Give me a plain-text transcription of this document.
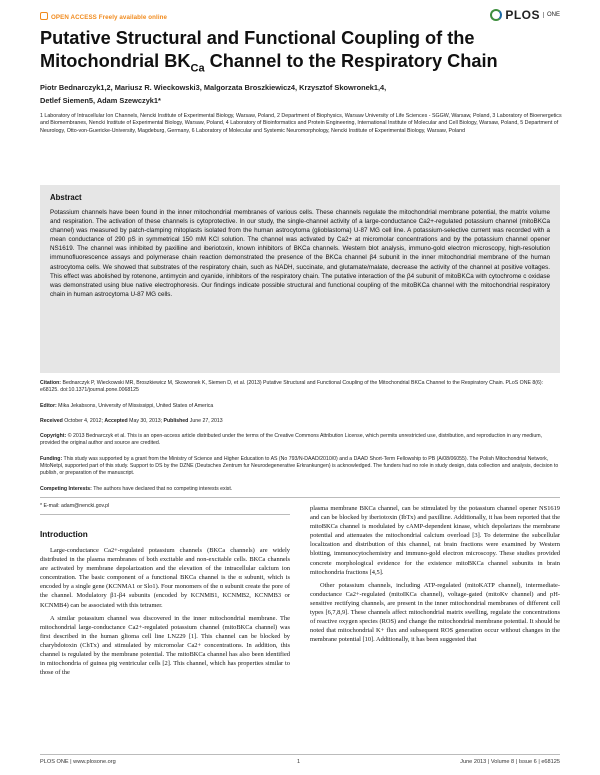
OPEN ACCESS Freely available online	PLOS	ONE
Putative Structural and Functional Coupling of the
Mitochondrial $BK_{Ca}$ Channel to the Respiratory Chain
Piotr Bednarczyk1,2, Mariusz R. Wieckowski3, Malgorzata Broszkiewicz4, Krzysztof Skowronek1,4,
Detlef Siemen5, Adam Szewczyk1*
1 Laboratory of Intracellular Ion Channels, Nencki Institute of Experimental Biology, Warsaw, Poland, 2 Department of Biophysics, Warsaw University of Life Sciences - SGGW, Warsaw, Poland, 3 Laboratory of Bioenergetics and Biomembranes, Nencki Institute of Experimental Biology, Warsaw, Poland, 4 Laboratory of Bioinformatics and Protein Engineering, International Institute of Molecular and Cell Biology, Warsaw, Poland, 5 Department of Neurology, Otto-von-Guericke-University, Magdeburg, Germany, 6 Laboratory of Molecular and Systemic Neuromorphology, Nencki Institute of Experimental Biology, Warsaw, Poland
Abstract
Potassium channels have been found in the inner mitochondrial membranes of various cells. These channels regulate the mitochondrial membrane potential, the matrix volume and respiration. The activation of these channels is cytoprotective. In our study, the single-channel activity of a large-conductance Ca2+-regulated potassium channel (mitoBKCa channel) was measured by patch-clamping mitoplasts isolated from the human astrocytoma (glioblastoma) U-87 MG cell line. A potassium-selective current was recorded with a mean conductance of 290 pS in symmetrical 150 mM KCl solution. The channel was activated by Ca2+ at micromolar concentrations and by the potassium channel opener NS1619. The channel was inhibited by paxilline and iberiotoxin, known inhibitors of BKCa channels. Western blot analysis, immuno-gold electron microscopy, high-resolution immunofluorescence assays and polymerase chain reaction demonstrated the presence of the BKCa channel β4 subunit in the inner mitochondrial membrane of the human astrocytoma cells. We showed that substrates of the respiratory chain, such as NADH, succinate, and glutamate/malate, decrease the activity of the channel at positive voltages. This effect was abolished by rotenone, antimycin and cyanide, inhibitors of the respiratory chain. The putative interaction of the β4 subunit of mitoBKCa with cytochrome c oxidase was demonstrated using blue native electrophoresis. Our findings indicate possible structural and functional coupling of the mitoBKCa channel with the mitochondrial respiratory chain in human astrocytoma U-87 MG cells.
Citation: Bednarczyk P, Wieckowski MR, Broszkiewicz M, Skowronek K, Siemen D, et al. (2013) Putative Structural and Functional Coupling of the Mitochondrial BKCa Channel to the Respiratory Chain. PLoS ONE 8(6): e68125. doi:10.1371/journal.pone.0068125
Editor: Mika Jekabsons, University of Mississippi, United States of America
Received October 4, 2012; Accepted May 30, 2013; Published June 27, 2013
Copyright: © 2013 Bednarczyk et al. This is an open-access article distributed under the terms of the Creative Commons Attribution License, which permits unrestricted use, distribution, and reproduction in any medium, provided the original author and source are credited.
Funding: This study was supported by a grant from the Ministry of Science and Higher Education to AS (No 793/N-DAAD/2010/0) and a DAAD Short-Term Fellowship to PB (A/08/06055). The Polish Mitochondrial Network, MitoNetpl, supported part of this study. Support to DS by the DZNE (Deutsches Zentrum fur Neurodegenerative Erkrankungen) is acknowledged. The funders had no role in study design, data collection and analysis, decision to publish, or preparation of the manuscript.
Competing Interests: The authors have declared that no competing interests exist.
* E-mail: adam@nencki.gov.pl
Introduction

Large-conductance Ca2+-regulated potassium channels (BKCa channels) are widely distributed in the plasma membranes of both excitable and non-excitable cells. BKCa channels are activated by membrane depolarization and the elevation of the intracellular calcium ion concentration. The basic component of a functional BKCa channel is the α subunit, which is encoded by a single gene (KCNMA1 or Slo1). Four monomers of the α subunit create the pore of the channel. Modulatory β1-β4 subunits (encoded by KCNMB1, KCNMB2, KCNMB3 or KCNMB4) can be associated with this tetramer.

A similar potassium channel was discovered in the inner mitochondrial membrane. The mitochondrial large-conductance Ca2+-regulated potassium channel (mitoBKCa channel) was first described in the human glioma cell line LN229 [1]. This channel can be blocked by charybdotoxin (ChTx) and stimulated by micromolar Ca2+ concentrations. In addition, this channel is regulated by the membrane potential. The mitoBKCa channel has also been identified in mitochondria of guinea pig ventricular cells [2]. This channel, which has properties similar to those of the

plasma membrane BKCa channel, can be stimulated by the potassium channel opener NS1619 and can be blocked by iberiotoxin (IbTx) and paxilline. Additionally, it has been reported that the mitoBKCa channel is modulated by cAMP-dependent kinase, which depolarizes the membrane potential and attenuates the mitochondrial calcium overload [3]. To determine the subcellular localization and distribution of this channel, rat brain fractions were examined by Western blotting, immunocytochemistry and immuno-gold electron microscopy. These studies provided concrete morphological evidence for the existence mitoBKCa channel subunits in brain mitochondria fractions [4,5].

Other potassium channels, including ATP-regulated (mitoKATP channel), intermediate-conductance Ca2+-regulated (mitoIKCa channel), voltage-gated (mitoKv channel) and pH-sensitive rectifying channels, are present in the inner mitochondrial membranes of different cell types [6,7,8,9]. These channels affect mitochondrial matrix swelling, regulate the concentrations of reactive oxygen species (ROS) and change the mitochondrial membrane potential. It should be noted that mitochondrial K+ flux and subsequent ROS generation occur without changes in the membrane potential [10]. Additionally, it has been suggested that

PLOS ONE | www.plosone.org	1	June 2013 | Volume 8 | Issue 6 | e68125
